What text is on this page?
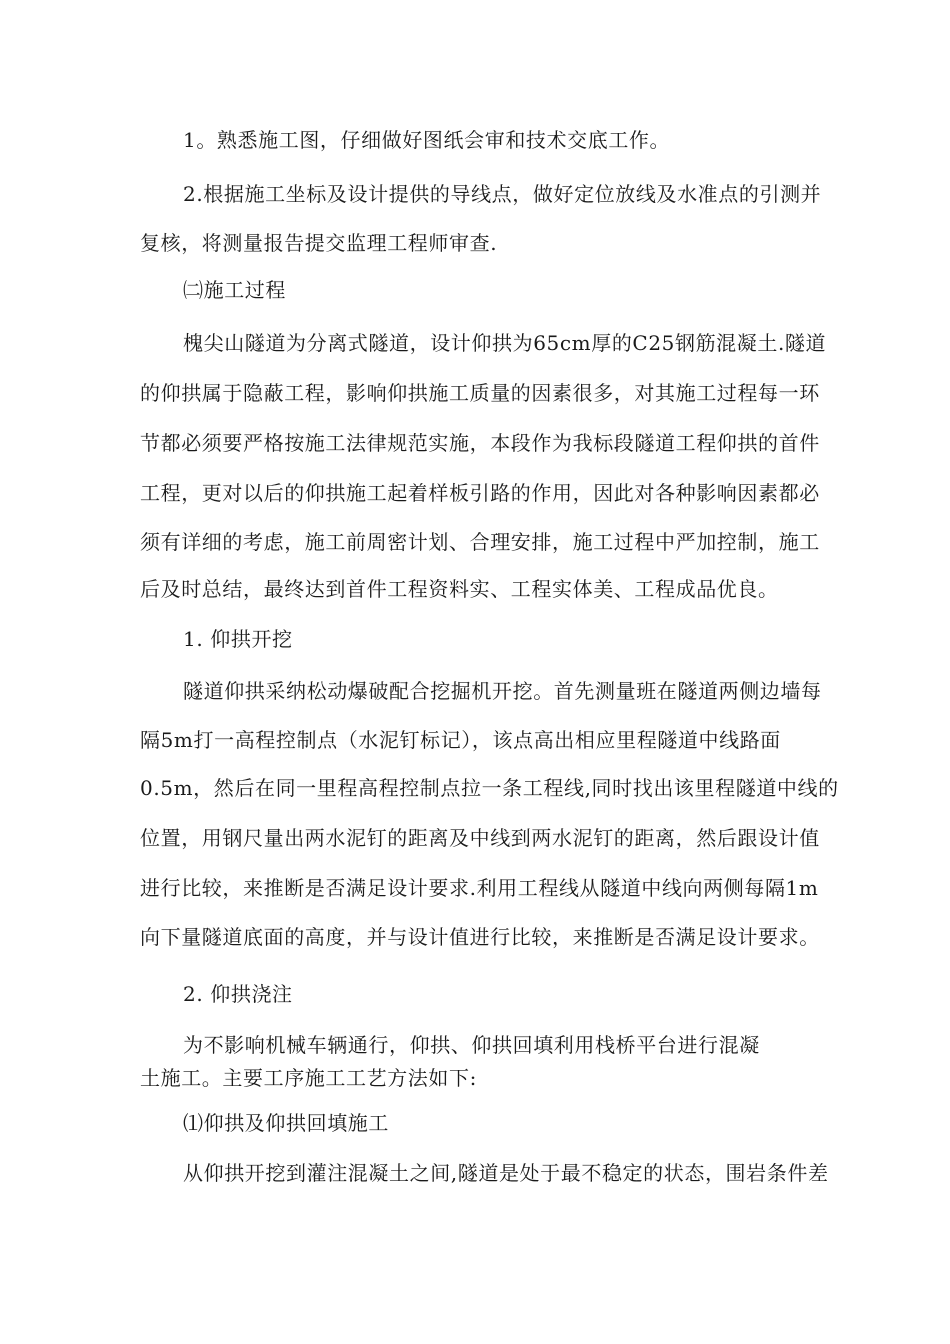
1。熟悉施工图，仔细做好图纸会审和技术交底工作。
2.根据施工坐标及设计提供的导线点，做好定位放线及水准点的引测并
复核，将测量报告提交监理工程师审查.
㈡施工过程
槐尖山隧道为分离式隧道，设计仰拱为65cm厚的C25钢筋混凝土.隧道
的仰拱属于隐蔽工程，影响仰拱施工质量的因素很多，对其施工过程每一环
节都必须要严格按施工法律规范实施，本段作为我标段隧道工程仰拱的首件
工程，更对以后的仰拱施工起着样板引路的作用，因此对各种影响因素都必
须有详细的考虑，施工前周密计划、合理安排，施工过程中严加控制，施工
后及时总结，最终达到首件工程资料实、工程实体美、工程成品优良。
1. 仰拱开挖
隧道仰拱采纳松动爆破配合挖掘机开挖。首先测量班在隧道两侧边墙每
隔5m打一高程控制点（水泥钉标记），该点高出相应里程隧道中线路面
0.5m，然后在同一里程高程控制点拉一条工程线,同时找出该里程隧道中线的
位置，用钢尺量出两水泥钉的距离及中线到两水泥钉的距离，然后跟设计值
进行比较，来推断是否满足设计要求.利用工程线从隧道中线向两侧每隔1m
向下量隧道底面的高度，并与设计值进行比较，来推断是否满足设计要求。
2. 仰拱浇注
为不影响机械车辆通行，仰拱、仰拱回填利用栈桥平台进行混凝
土施工。主要工序施工工艺方法如下:
⑴仰拱及仰拱回填施工
从仰拱开挖到灌注混凝土之间,隧道是处于最不稳定的状态，围岩条件差
